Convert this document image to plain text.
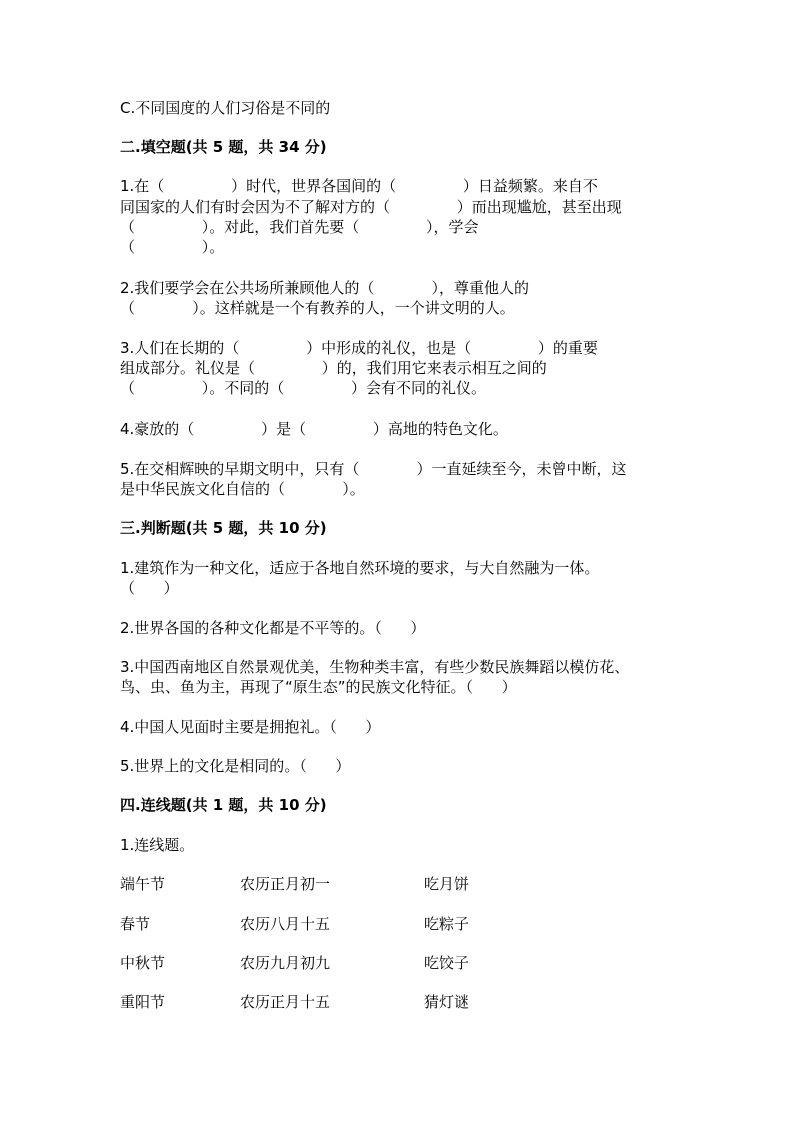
C.不同国度的人们习俗是不同的
二.填空题(共 5 题，共 34 分)
1.在（              ）时代，世界各国间的（              ）日益频繁。来自不
同国家的人们有时会因为不了解对方的（              ）而出现尴尬，甚至出现
（              ）。对此，我们首先要（              ），学会
（              ）。
2.我们要学会在公共场所兼顾他人的（            ），尊重他人的
（            ）。这样就是一个有教养的人，一个讲文明的人。
3.人们在长期的（              ）中形成的礼仪，也是（              ）的重要
组成部分。礼仪是（              ）的，我们用它来表示相互之间的
（              ）。不同的（              ）会有不同的礼仪。
4.豪放的（              ）是（              ）高地的特色文化。
5.在交相辉映的早期文明中，只有（            ）一直延续至今，未曾中断，这
是中华民族文化自信的（            ）。
三.判断题(共 5 题，共 10 分)
1.建筑作为一种文化，适应于各地自然环境的要求，与大自然融为一体。
（      ）
2.世界各国的各种文化都是不平等的。（      ）
3.中国西南地区自然景观优美，生物种类丰富，有些少数民族舞蹈以模仿花、
鸟、虫、鱼为主，再现了“原生态”的民族文化特征。（      ）
4.中国人见面时主要是拥抱礼。（      ）
5.世界上的文化是相同的。（      ）
四.连线题(共 1 题，共 10 分)
1.连线题。
端午节	农历正月初一	吃月饼
春节	农历八月十五	吃粽子
中秋节	农历九月初九	吃饺子
重阳节	农历正月十五	猜灯谜
